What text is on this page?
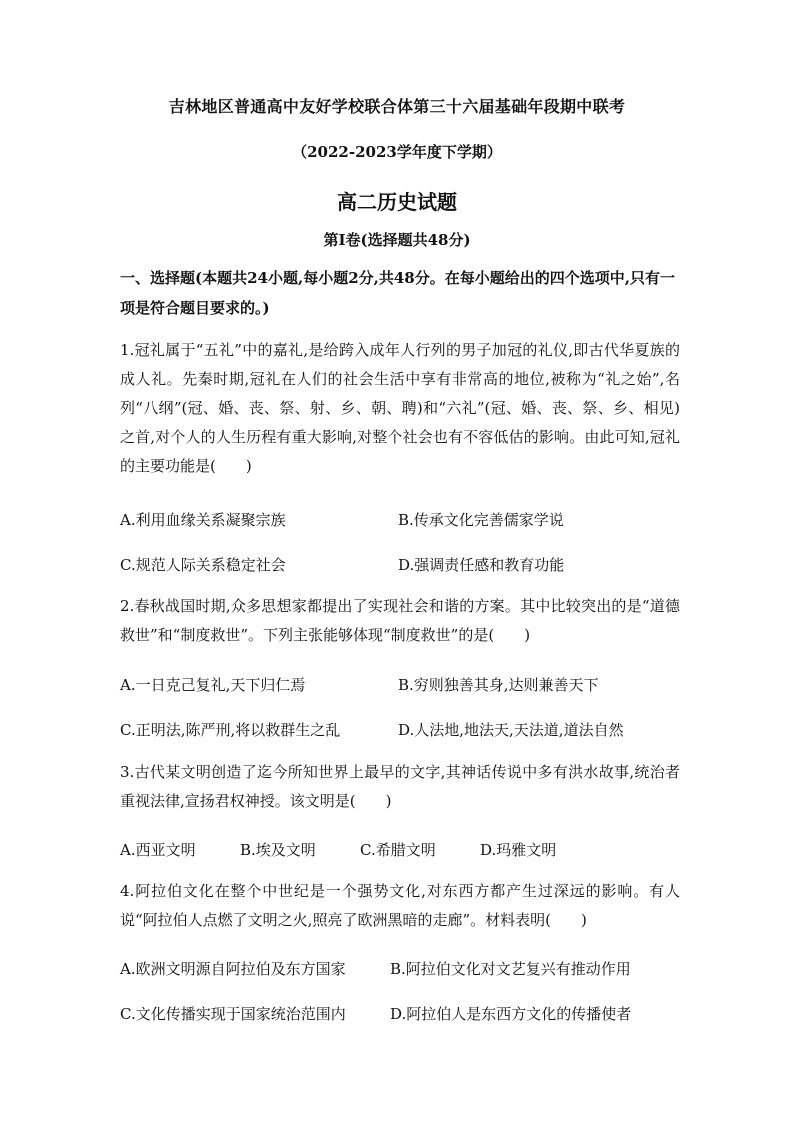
吉林地区普通高中友好学校联合体第三十六届基础年段期中联考
（2022-2023学年度下学期）
高二历史试题
第Ⅰ卷(选择题共48分)
一、选择题(本题共24小题,每小题2分,共48分。在每小题给出的四个选项中,只有一项是符合题目要求的。)
1.冠礼属于“五礼”中的嘉礼,是给跨入成年人行列的男子加冠的礼仪,即古代华夏族的成人礼。先秦时期,冠礼在人们的社会生活中享有非常高的地位,被称为“礼之始”,名列“八纲”(冠、婚、丧、祭、射、乡、朝、聘)和“六礼”(冠、婚、丧、祭、乡、相见)之首,对个人的人生历程有重大影响,对整个社会也有不容低估的影响。由此可知,冠礼的主要功能是(　　)
A.利用血缘关系凝聚宗族	B.传承文化完善儒家学说
C.规范人际关系稳定社会	D.强调责任感和教育功能
2.春秋战国时期,众多思想家都提出了实现社会和谐的方案。其中比较突出的是“道德救世”和“制度救世”。下列主张能够体现“制度救世”的是(　　)
A.一日克己复礼,天下归仁焉	B.穷则独善其身,达则兼善天下
C.正明法,陈严刑,将以救群生之乱	D.人法地,地法天,天法道,道法自然
3.古代某文明创造了迄今所知世界上最早的文字,其神话传说中多有洪水故事,统治者重视法律,宣扬君权神授。该文明是(　　)
A.西亚文明	B.埃及文明	C.希腊文明	D.玛雅文明
4.阿拉伯文化在整个中世纪是一个强势文化,对东西方都产生过深远的影响。有人说“阿拉伯人点燃了文明之火,照亮了欧洲黑暗的走廊”。材料表明(　　)
A.欧洲文明源自阿拉伯及东方国家	B.阿拉伯文化对文艺复兴有推动作用
C.文化传播实现于国家统治范围内	D.阿拉伯人是东西方文化的传播使者
